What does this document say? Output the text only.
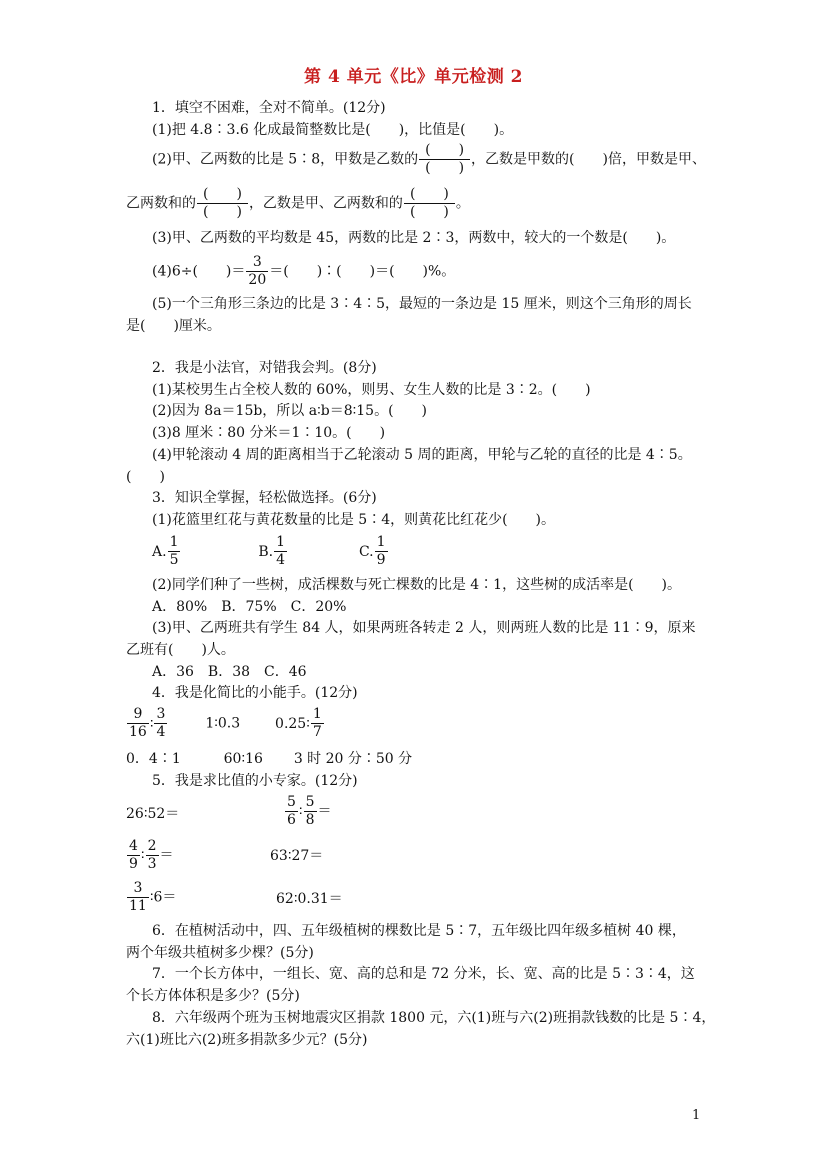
第 4 单元《比》单元检测 2
1．填空不困难，全对不简单。(12分)
(1)把 4.8∶3.6 化成最简整数比是(　　)，比值是(　　)。
(2)甲、乙两数的比是 5∶8，甲数是乙数的 $\frac{( )}{( )}$ ，乙数是甲数的(　　)倍，甲数是甲、
乙两数和的 $\frac{( )}{( )}$ ，乙数是甲、乙两数和的 $\frac{( )}{( )}$ 。
(3)甲、乙两数的平均数是 45，两数的比是 2∶3，两数中，较大的一个数是(　　)。
(4)6÷(　　)＝ $\frac{3}{20}$ ＝(　　)∶(　　)＝(　　)%。
(5)一个三角形三条边的比是 3∶4∶5，最短的一条边是 15 厘米，则这个三角形的周长
是(　　)厘米。
2．我是小法官，对错我会判。(8分)
(1)某校男生占全校人数的 60%，则男、女生人数的比是 3∶2。(　　)
(2)因为 8a＝15b，所以 a∶b＝8∶15。(　　)
(3)8 厘米∶80 分米＝1∶10。(　　)
(4)甲轮滚动 4 周的距离相当于乙轮滚动 5 周的距离，甲轮与乙轮的直径的比是 4∶5。
(　　)
3．知识全掌握，轻松做选择。(6分)
(1)花篮里红花与黄花数量的比是 5∶4，则黄花比红花少(　　)。
A. $\frac{1}{5}$	B. $\frac{1}{4}$	C. $\frac{1}{9}$
(2)同学们种了一些树，成活棵数与死亡棵数的比是 4∶1，这些树的成活率是(　　)。
A．80%　B．75%　C．20%
(3)甲、乙两班共有学生 84 人，如果两班各转走 2 人，则两班人数的比是 11∶9，原来
乙班有(　　)人。
A．36　B．38　C．46
4．我是化简比的小能手。(12分)
$\frac{9}{16}$ ∶ $\frac{3}{4}$	1∶0.3 0.25∶ $\frac{1}{7}$
0．4∶1	60∶16 3 时 20 分∶50 分
5．我是求比值的小专家。(12分)
26∶52＝	$\frac{5}{6}$ ∶ $\frac{5}{8}$ ＝
$\frac{4}{9}$ ∶ $\frac{2}{3}$ ＝	63∶27＝
$\frac{3}{11}$ ∶6＝	62∶0.31＝
6．在植树活动中，四、五年级植树的棵数比是 5∶7，五年级比四年级多植树 40 棵，
两个年级共植树多少棵？(5分)
7．一个长方体中，一组长、宽、高的总和是 72 分米，长、宽、高的比是 5∶3∶4，这
个长方体体积是多少？(5分)
8．六年级两个班为玉树地震灾区捐款 1800 元，六(1)班与六(2)班捐款钱数的比是 5∶4，
六(1)班比六(2)班多捐款多少元？(5分)
1
